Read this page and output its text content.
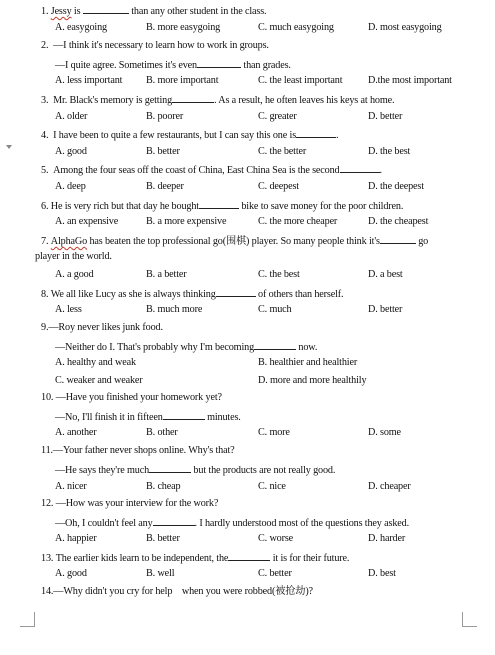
1. Jessy is	than any other student in the class.
A. easygoing	B. more easygoing	C. much easygoing	D. most easygoing
2. —I think it's necessary to learn how to work in groups.
—I quite agree. Sometimes it's even	than grades.
A. less important B. more important	C. the least important	D.the most important
3. Mr. Black's memory is getting	. As a result, he often leaves his keys at home.
A. older	B. poorer	C. greater	D. better
4. I have been to quite a few restaurants, but I can say this one is	.
A. good	B. better	C. the better	D. the best
5. Among the four seas off the coast of China, East China Sea is the second	.
A. deep	B. deeper	C. deepest	D. the deepest
6. He is very rich but that day he bought	bike to save money for the poor children.
A. an expensive	B. a more expensive	C. the more cheaper	D. the cheapest
7. AlphaGo has beaten the top professional go(围棋) player. So many people think it's	go
player in the world.
A. a good	B. a better	C. the best	D. a best
8. We all like Lucy as she is always thinking	of others than herself.
A. less	B. much more	C. much	D. better
9.—Roy never likes junk food.
—Neither do I. That's probably why I'm becoming	now.
A. healthy and weak	B. healthier and healthier
C. weaker and weaker	D. more and more healthily
10. —Have you finished your homework yet?
—No, I'll finish it in fifteen	minutes.
A. another	B. other	C. more	D. some
11.—Your father never shops online. Why's that?
—He says they're much	but the products are not really good.
A. nicer	B. cheap	C. nice	D. cheaper
12. —How was your interview for the work?
—Oh, I couldn't feel any	. I hardly understood most of the questions they asked.
A. happier	B. better	C. worse	D. harder
13. The earlier kids learn to be independent, the	it is for their future.
A. good	B. well	C. better	D. best
14.—Why didn't you cry for help    when you were robbed(被抢劫)?
